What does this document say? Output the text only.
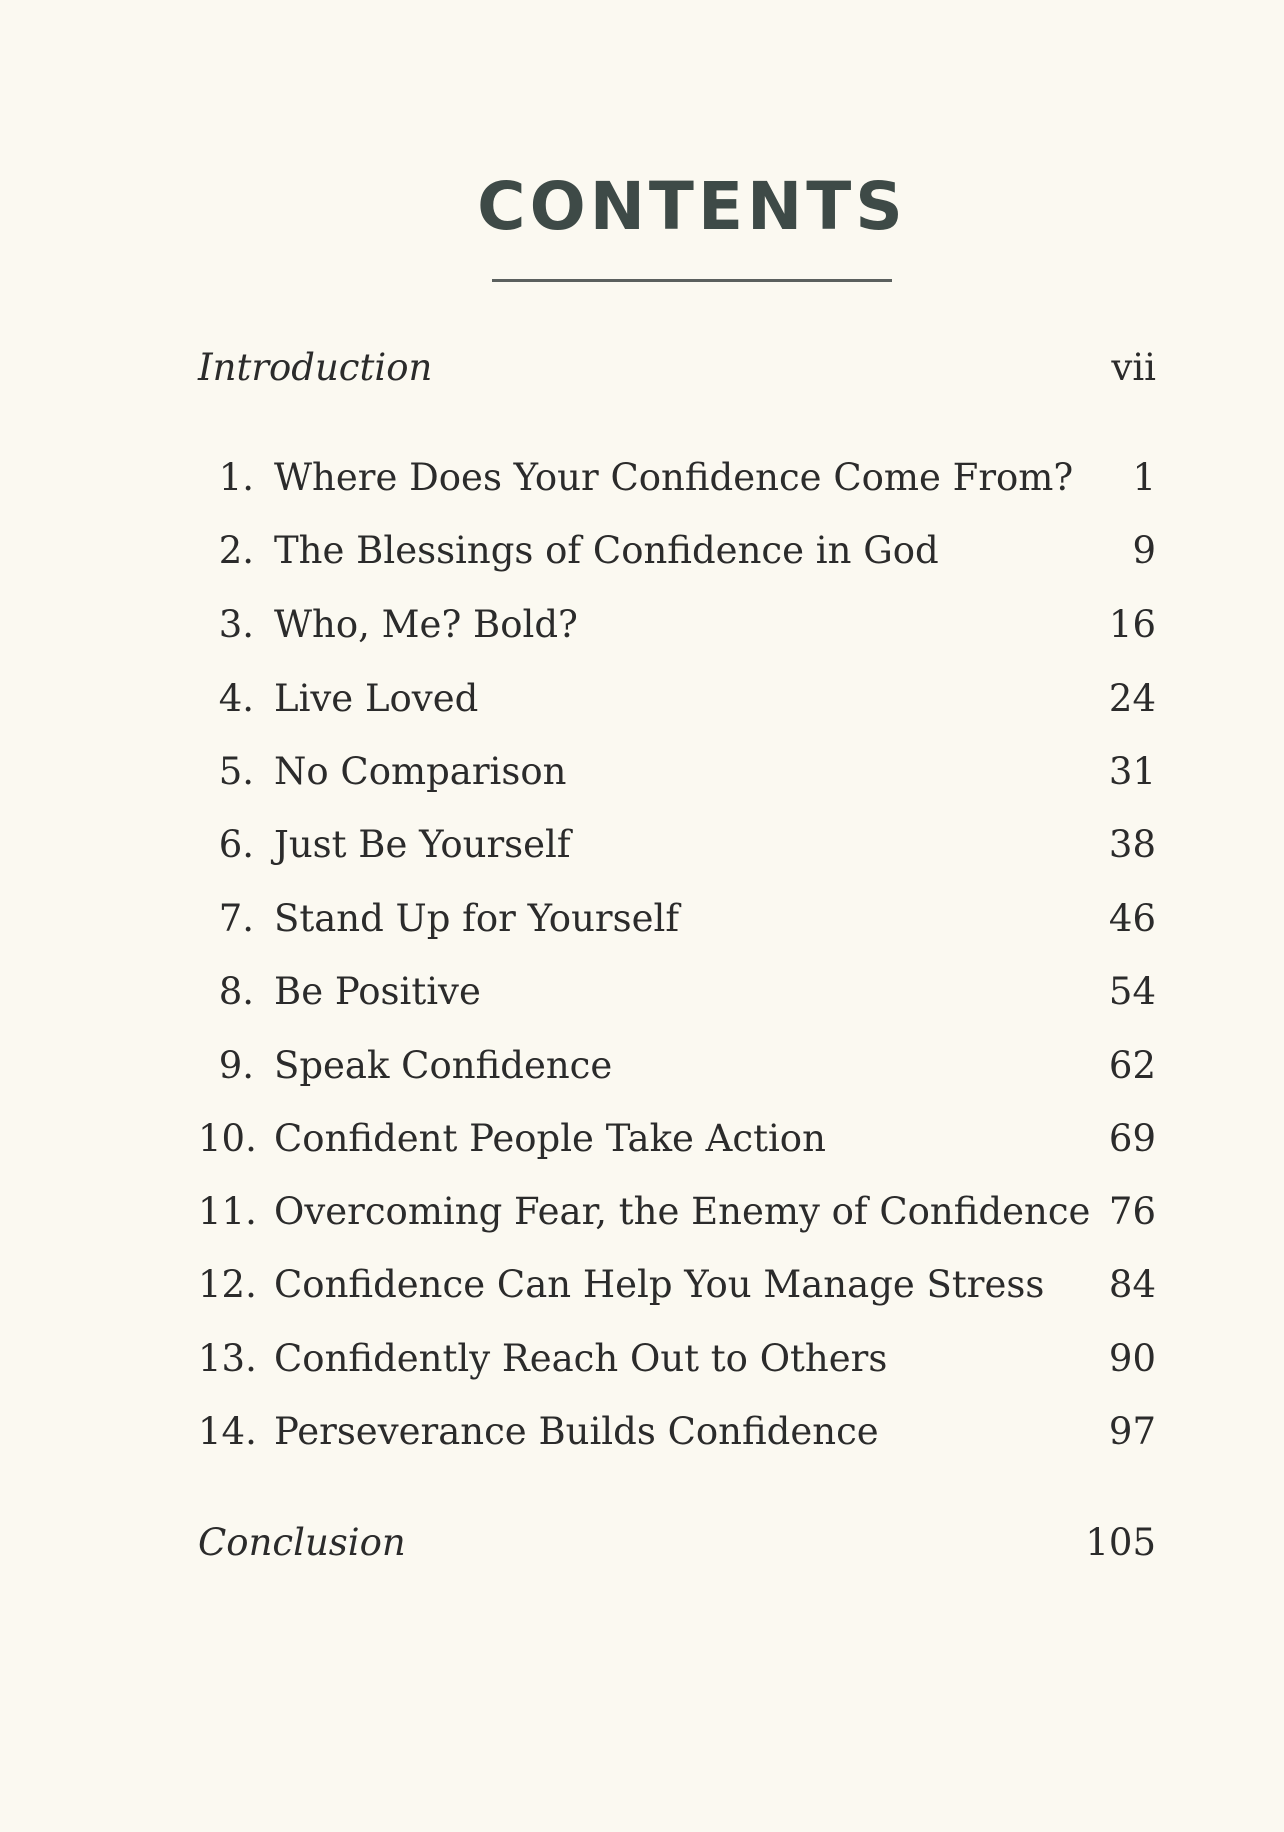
CONTENTS
Introduction	vii
1. Where Does Your Confidence Come From? 1
2. The Blessings of Confidence in God	9
3. Who, Me? Bold?	16
4. Live Loved	24
5. No Comparison	31
6. Just Be Yourself	38
7. Stand Up for Yourself	46
8. Be Positive	54
9. Speak Confidence	62
10. Confident People Take Action	69
11. Overcoming Fear, the Enemy of Confidence 76
12. Confidence Can Help You Manage Stress 84
13. Confidently Reach Out to Others	90
14. Perseverance Builds Confidence	97
Conclusion	105
